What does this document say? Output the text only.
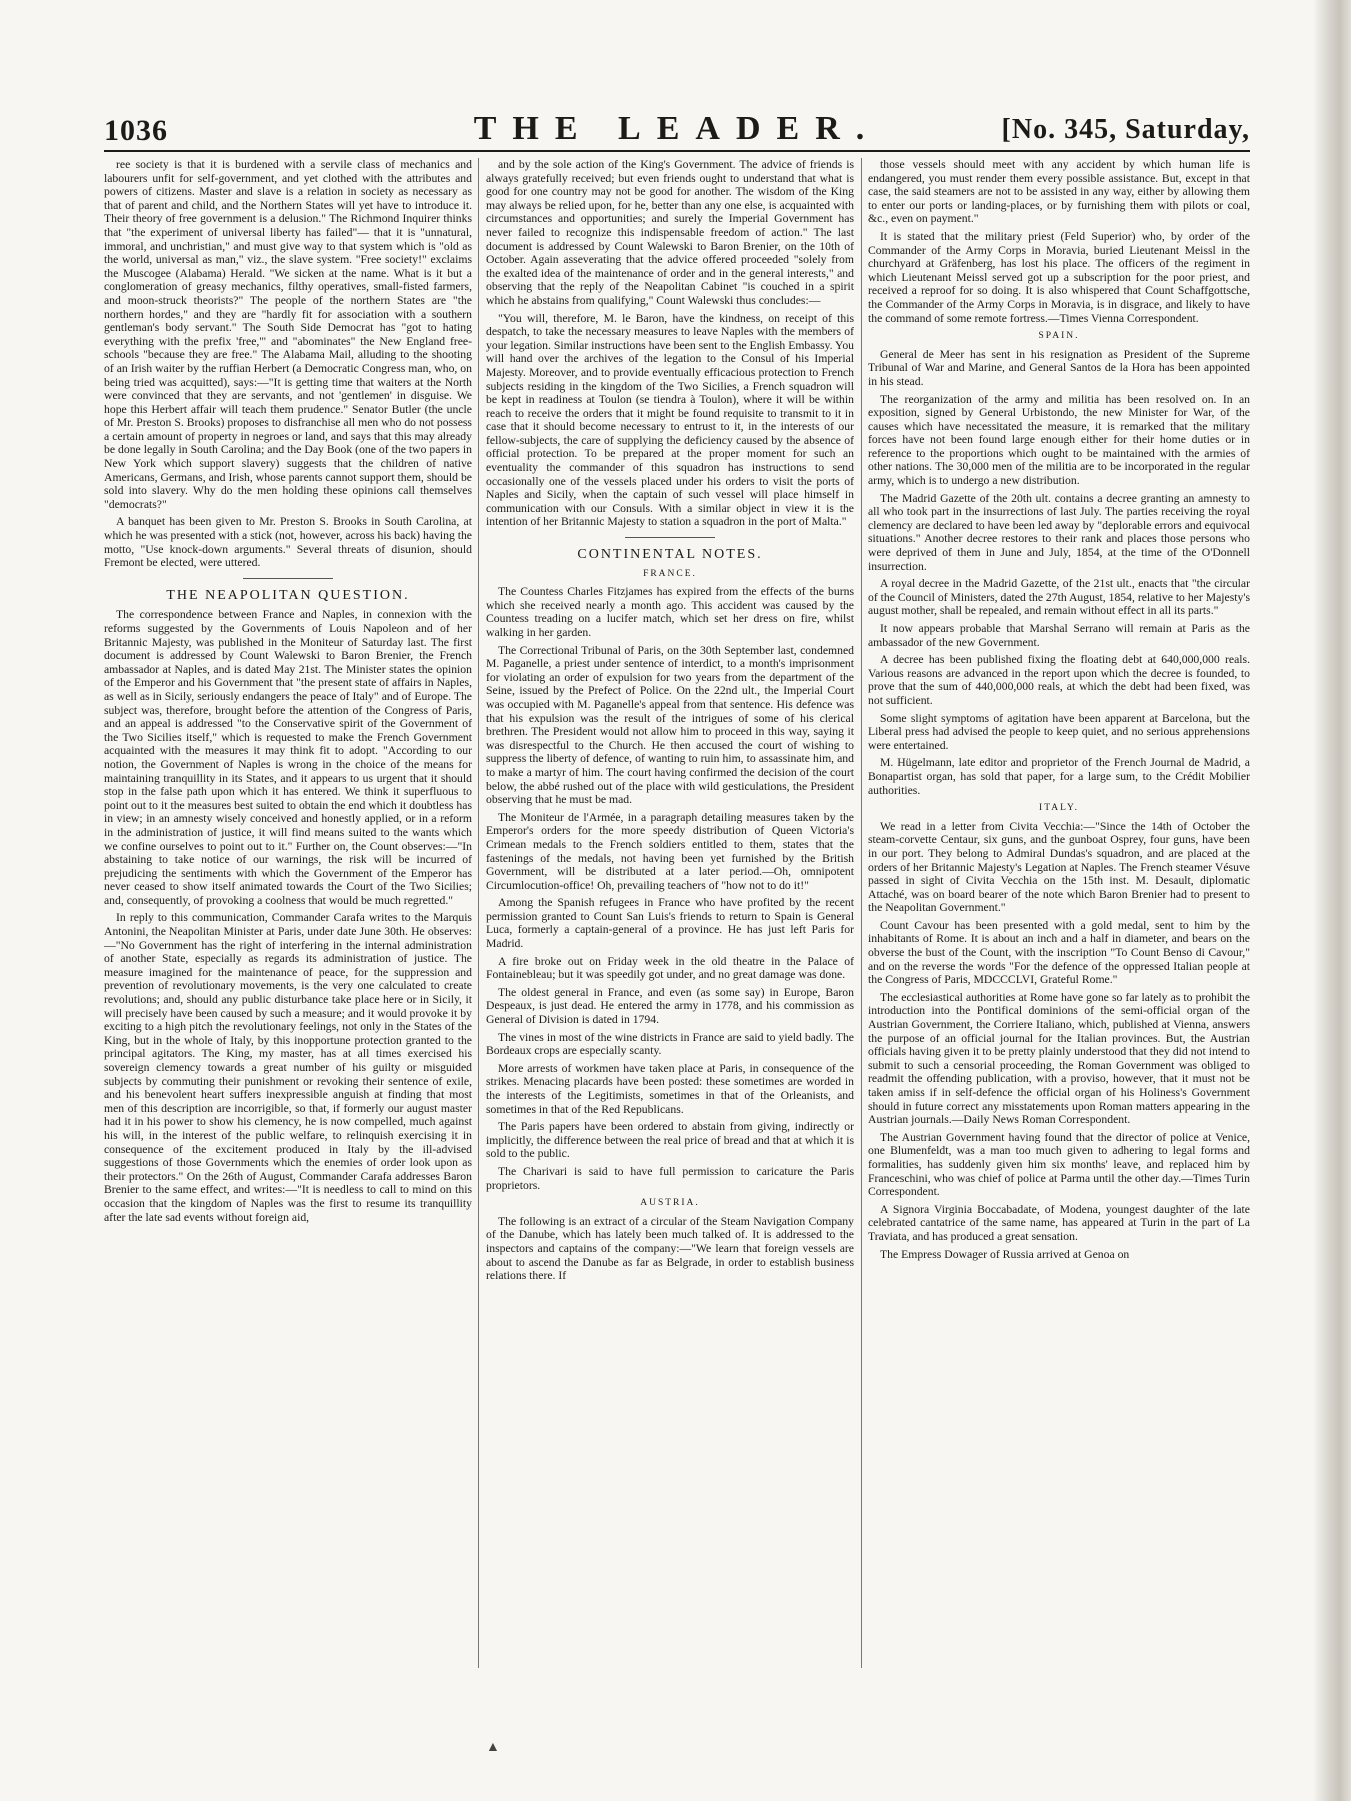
1036	THE LEADER.	[No. 345, Saturday,

ree society is that it is burdened with a servile class of mechanics and labourers unfit for self-government, and yet clothed with the attributes and powers of citizens. Master and slave is a relation in society as necessary as that of parent and child, and the Northern States will yet have to introduce it. Their theory of free government is a delusion." The Richmond Inquirer thinks that "the experiment of universal liberty has failed"— that it is "unnatural, immoral, and unchristian," and must give way to that system which is "old as the world, universal as man," viz., the slave system. "Free society!" exclaims the Muscogee (Alabama) Herald. "We sicken at the name. What is it but a conglomeration of greasy mechanics, filthy operatives, small-fisted farmers, and moon-struck theorists?" The people of the northern States are "the northern hordes," and they are "hardly fit for association with a southern gentleman's body servant." The South Side Democrat has "got to hating everything with the prefix 'free,'" and "abominates" the New England free-schools "because they are free." The Alabama Mail, alluding to the shooting of an Irish waiter by the ruffian Herbert (a Democratic Congress man, who, on being tried was acquitted), says:—"It is getting time that waiters at the North were convinced that they are servants, and not 'gentlemen' in disguise. We hope this Herbert affair will teach them prudence." Senator Butler (the uncle of Mr. Preston S. Brooks) proposes to disfranchise all men who do not possess a certain amount of property in negroes or land, and says that this may already be done legally in South Carolina; and the Day Book (one of the two papers in New York which support slavery) suggests that the children of native Americans, Germans, and Irish, whose parents cannot support them, should be sold into slavery. Why do the men holding these opinions call themselves "democrats?"

A banquet has been given to Mr. Preston S. Brooks in South Carolina, at which he was presented with a stick (not, however, across his back) having the motto, "Use knock-down arguments." Several threats of disunion, should Fremont be elected, were uttered.

THE NEAPOLITAN QUESTION.

The correspondence between France and Naples, in connexion with the reforms suggested by the Governments of Louis Napoleon and of her Britannic Majesty, was published in the Moniteur of Saturday last. The first document is addressed by Count Walewski to Baron Brenier, the French ambassador at Naples, and is dated May 21st. The Minister states the opinion of the Emperor and his Government that "the present state of affairs in Naples, as well as in Sicily, seriously endangers the peace of Italy" and of Europe. The subject was, therefore, brought before the attention of the Congress of Paris, and an appeal is addressed "to the Conservative spirit of the Government of the Two Sicilies itself," which is requested to make the French Government acquainted with the measures it may think fit to adopt. "According to our notion, the Government of Naples is wrong in the choice of the means for maintaining tranquillity in its States, and it appears to us urgent that it should stop in the false path upon which it has entered. We think it superfluous to point out to it the measures best suited to obtain the end which it doubtless has in view; in an amnesty wisely conceived and honestly applied, or in a reform in the administration of justice, it will find means suited to the wants which we confine ourselves to point out to it." Further on, the Count observes:—"In abstaining to take notice of our warnings, the risk will be incurred of prejudicing the sentiments with which the Government of the Emperor has never ceased to show itself animated towards the Court of the Two Sicilies; and, consequently, of provoking a coolness that would be much regretted."

In reply to this communication, Commander Carafa writes to the Marquis Antonini, the Neapolitan Minister at Paris, under date June 30th. He observes:—"No Government has the right of interfering in the internal administration of another State, especially as regards its administration of justice. The measure imagined for the maintenance of peace, for the suppression and prevention of revolutionary movements, is the very one calculated to create revolutions; and, should any public disturbance take place here or in Sicily, it will precisely have been caused by such a measure; and it would provoke it by exciting to a high pitch the revolutionary feelings, not only in the States of the King, but in the whole of Italy, by this inopportune protection granted to the principal agitators. The King, my master, has at all times exercised his sovereign clemency towards a great number of his guilty or misguided subjects by commuting their punishment or revoking their sentence of exile, and his benevolent heart suffers inexpressible anguish at finding that most men of this description are incorrigible, so that, if formerly our august master had it in his power to show his clemency, he is now compelled, much against his will, in the interest of the public welfare, to relinquish exercising it in consequence of the excitement produced in Italy by the ill-advised suggestions of those Governments which the enemies of order look upon as their protectors." On the 26th of August, Commander Carafa addresses Baron Brenier to the same effect, and writes:—"It is needless to call to mind on this occasion that the kingdom of Naples was the first to resume its tranquillity after the late sad events without foreign aid,

and by the sole action of the King's Government. The advice of friends is always gratefully received; but even friends ought to understand that what is good for one country may not be good for another. The wisdom of the King may always be relied upon, for he, better than any one else, is acquainted with circumstances and opportunities; and surely the Imperial Government has never failed to recognize this indispensable freedom of action." The last document is addressed by Count Walewski to Baron Brenier, on the 10th of October. Again asseverating that the advice offered proceeded "solely from the exalted idea of the maintenance of order and in the general interests," and observing that the reply of the Neapolitan Cabinet "is couched in a spirit which he abstains from qualifying," Count Walewski thus concludes:—

"You will, therefore, M. le Baron, have the kindness, on receipt of this despatch, to take the necessary measures to leave Naples with the members of your legation. Similar instructions have been sent to the English Embassy. You will hand over the archives of the legation to the Consul of his Imperial Majesty. Moreover, and to provide eventually efficacious protection to French subjects residing in the kingdom of the Two Sicilies, a French squadron will be kept in readiness at Toulon (se tiendra à Toulon), where it will be within reach to receive the orders that it might be found requisite to transmit to it in case that it should become necessary to entrust to it, in the interests of our fellow-subjects, the care of supplying the deficiency caused by the absence of official protection. To be prepared at the proper moment for such an eventuality the commander of this squadron has instructions to send occasionally one of the vessels placed under his orders to visit the ports of Naples and Sicily, when the captain of such vessel will place himself in communication with our Consuls. With a similar object in view it is the intention of her Britannic Majesty to station a squadron in the port of Malta."

CONTINENTAL NOTES.
FRANCE.

The Countess Charles Fitzjames has expired from the effects of the burns which she received nearly a month ago. This accident was caused by the Countess treading on a lucifer match, which set her dress on fire, whilst walking in her garden.

The Correctional Tribunal of Paris, on the 30th September last, condemned M. Paganelle, a priest under sentence of interdict, to a month's imprisonment for violating an order of expulsion for two years from the department of the Seine, issued by the Prefect of Police. On the 22nd ult., the Imperial Court was occupied with M. Paganelle's appeal from that sentence. His defence was that his expulsion was the result of the intrigues of some of his clerical brethren. The President would not allow him to proceed in this way, saying it was disrespectful to the Church. He then accused the court of wishing to suppress the liberty of defence, of wanting to ruin him, to assassinate him, and to make a martyr of him. The court having confirmed the decision of the court below, the abbé rushed out of the place with wild gesticulations, the President observing that he must be mad.

The Moniteur de l'Armée, in a paragraph detailing measures taken by the Emperor's orders for the more speedy distribution of Queen Victoria's Crimean medals to the French soldiers entitled to them, states that the fastenings of the medals, not having been yet furnished by the British Government, will be distributed at a later period.—Oh, omnipotent Circumlocution-office! Oh, prevailing teachers of "how not to do it!"

Among the Spanish refugees in France who have profited by the recent permission granted to Count San Luis's friends to return to Spain is General Luca, formerly a captain-general of a province. He has just left Paris for Madrid.

A fire broke out on Friday week in the old theatre in the Palace of Fontainebleau; but it was speedily got under, and no great damage was done.

The oldest general in France, and even (as some say) in Europe, Baron Despeaux, is just dead. He entered the army in 1778, and his commission as General of Division is dated in 1794.

The vines in most of the wine districts in France are said to yield badly. The Bordeaux crops are especially scanty.

More arrests of workmen have taken place at Paris, in consequence of the strikes. Menacing placards have been posted: these sometimes are worded in the interests of the Legitimists, sometimes in that of the Orleanists, and sometimes in that of the Red Republicans.

The Paris papers have been ordered to abstain from giving, indirectly or implicitly, the difference between the real price of bread and that at which it is sold to the public.

The Charivari is said to have full permission to caricature the Paris proprietors.

AUSTRIA.

The following is an extract of a circular of the Steam Navigation Company of the Danube, which has lately been much talked of. It is addressed to the inspectors and captains of the company:—"We learn that foreign vessels are about to ascend the Danube as far as Belgrade, in order to establish business relations there. If

those vessels should meet with any accident by which human life is endangered, you must render them every possible assistance. But, except in that case, the said steamers are not to be assisted in any way, either by allowing them to enter our ports or landing-places, or by furnishing them with pilots or coal, &c., even on payment."

It is stated that the military priest (Feld Superior) who, by order of the Commander of the Army Corps in Moravia, buried Lieutenant Meissl in the churchyard at Gräfenberg, has lost his place. The officers of the regiment in which Lieutenant Meissl served got up a subscription for the poor priest, and received a reproof for so doing. It is also whispered that Count Schaffgottsche, the Commander of the Army Corps in Moravia, is in disgrace, and likely to have the command of some remote fortress.—Times Vienna Correspondent.

SPAIN.

General de Meer has sent in his resignation as President of the Supreme Tribunal of War and Marine, and General Santos de la Hora has been appointed in his stead.

The reorganization of the army and militia has been resolved on. In an exposition, signed by General Urbistondo, the new Minister for War, of the causes which have necessitated the measure, it is remarked that the military forces have not been found large enough either for their home duties or in reference to the proportions which ought to be maintained with the armies of other nations. The 30,000 men of the militia are to be incorporated in the regular army, which is to undergo a new distribution.

The Madrid Gazette of the 20th ult. contains a decree granting an amnesty to all who took part in the insurrections of last July. The parties receiving the royal clemency are declared to have been led away by "deplorable errors and equivocal situations." Another decree restores to their rank and places those persons who were deprived of them in June and July, 1854, at the time of the O'Donnell insurrection.

A royal decree in the Madrid Gazette, of the 21st ult., enacts that "the circular of the Council of Ministers, dated the 27th August, 1854, relative to her Majesty's august mother, shall be repealed, and remain without effect in all its parts."

It now appears probable that Marshal Serrano will remain at Paris as the ambassador of the new Government.

A decree has been published fixing the floating debt at 640,000,000 reals. Various reasons are advanced in the report upon which the decree is founded, to prove that the sum of 440,000,000 reals, at which the debt had been fixed, was not sufficient.

Some slight symptoms of agitation have been apparent at Barcelona, but the Liberal press had advised the people to keep quiet, and no serious apprehensions were entertained.

M. Hügelmann, late editor and proprietor of the French Journal de Madrid, a Bonapartist organ, has sold that paper, for a large sum, to the Crédit Mobilier authorities.

ITALY.

We read in a letter from Civita Vecchia:—"Since the 14th of October the steam-corvette Centaur, six guns, and the gunboat Osprey, four guns, have been in our port. They belong to Admiral Dundas's squadron, and are placed at the orders of her Britannic Majesty's Legation at Naples. The French steamer Vésuve passed in sight of Civita Vecchia on the 15th inst. M. Desault, diplomatic Attaché, was on board bearer of the note which Baron Brenier had to present to the Neapolitan Government."

Count Cavour has been presented with a gold medal, sent to him by the inhabitants of Rome. It is about an inch and a half in diameter, and bears on the obverse the bust of the Count, with the inscription "To Count Benso di Cavour," and on the reverse the words "For the defence of the oppressed Italian people at the Congress of Paris, MDCCCLVI, Grateful Rome."

The ecclesiastical authorities at Rome have gone so far lately as to prohibit the introduction into the Pontifical dominions of the semi-official organ of the Austrian Government, the Corriere Italiano, which, published at Vienna, answers the purpose of an official journal for the Italian provinces. But, the Austrian officials having given it to be pretty plainly understood that they did not intend to submit to such a censorial proceeding, the Roman Government was obliged to readmit the offending publication, with a proviso, however, that it must not be taken amiss if in self-defence the official organ of his Holiness's Government should in future correct any misstatements upon Roman matters appearing in the Austrian journals.—Daily News Roman Correspondent.

The Austrian Government having found that the director of police at Venice, one Blumenfeldt, was a man too much given to adhering to legal forms and formalities, has suddenly given him six months' leave, and replaced him by Franceschini, who was chief of police at Parma until the other day.—Times Turin Correspondent.

A Signora Virginia Boccabadate, of Modena, youngest daughter of the late celebrated cantatrice of the same name, has appeared at Turin in the part of La Traviata, and has produced a great sensation.

The Empress Dowager of Russia arrived at Genoa on

▲
